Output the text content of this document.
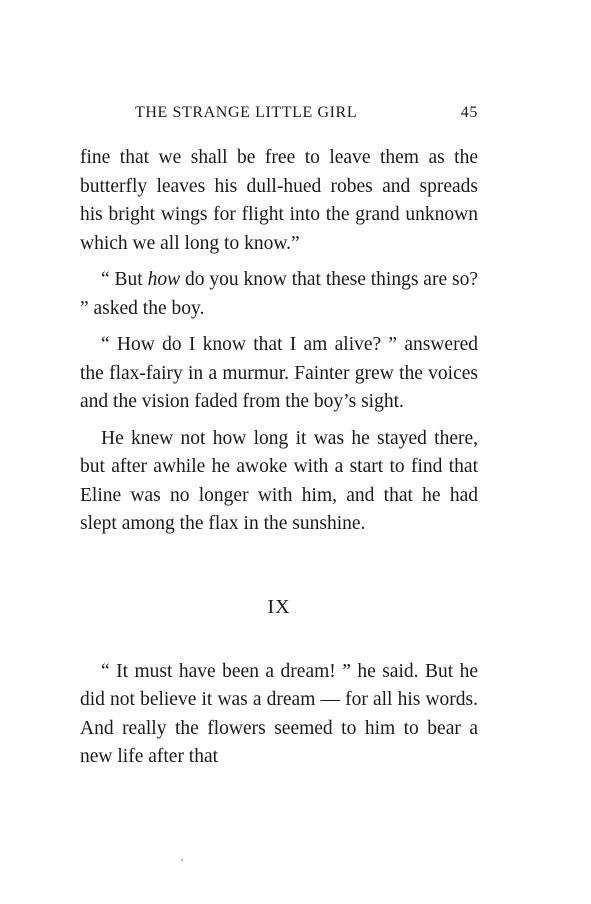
THE STRANGE LITTLE GIRL	45

fine that we shall be free to leave them as the butterfly leaves his dull-hued robes and spreads his bright wings for flight into the grand unknown which we all long to know.”

“ But how do you know that these things are so? ” asked the boy.

“ How do I know that I am alive? ” answered the flax-fairy in a murmur. Fainter grew the voices and the vision faded from the boy’s sight.

He knew not how long it was he stayed there, but after awhile he awoke with a start to find that Eline was no longer with him, and that he had slept among the flax in the sunshine.

IX

“ It must have been a dream! ” he said. But he did not believe it was a dream — for all his words. And really the flowers seemed to him to bear a new life after that
